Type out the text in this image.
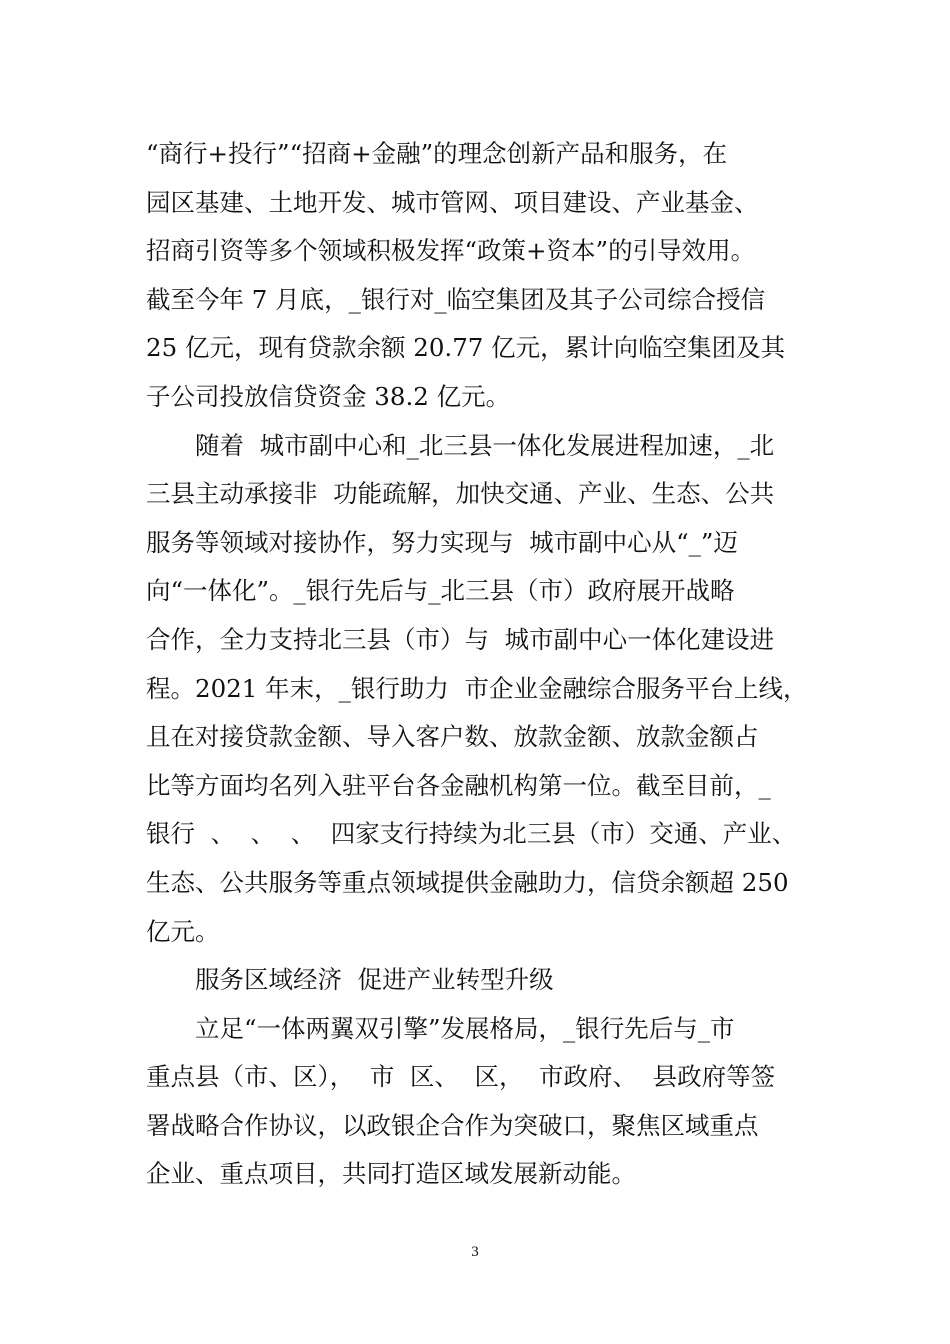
“商行+投行”“招商+金融”的理念创新产品和服务，在
园区基建、土地开发、城市管网、项目建设、产业基金、
招商引资等多个领域积极发挥“政策+资本”的引导效用。
截至今年 7 月底，_银行对_临空集团及其子公司综合授信
25 亿元，现有贷款余额 20.77 亿元，累计向临空集团及其
子公司投放信贷资金 38.2 亿元。
随着  城市副中心和_北三县一体化发展进程加速，_北
三县主动承接非  功能疏解，加快交通、产业、生态、公共
服务等领域对接协作，努力实现与  城市副中心从“_”迈
向“一体化”。_银行先后与_北三县（市）政府展开战略
合作，全力支持北三县（市）与  城市副中心一体化建设进
程。2021 年末，_银行助力  市企业金融综合服务平台上线，
且在对接贷款金额、导入客户数、放款金额、放款金额占
比等方面均名列入驻平台各金融机构第一位。截至目前，_
银行  、  、  、  四家支行持续为北三县（市）交通、产业、
生态、公共服务等重点领域提供金融助力，信贷余额超 250
亿元。
服务区域经济  促进产业转型升级
立足“一体两翼双引擎”发展格局，_银行先后与_市
重点县（市、区），  市  区、  区，  市政府、  县政府等签
署战略合作协议，以政银企合作为突破口，聚焦区域重点
企业、重点项目，共同打造区域发展新动能。
3
